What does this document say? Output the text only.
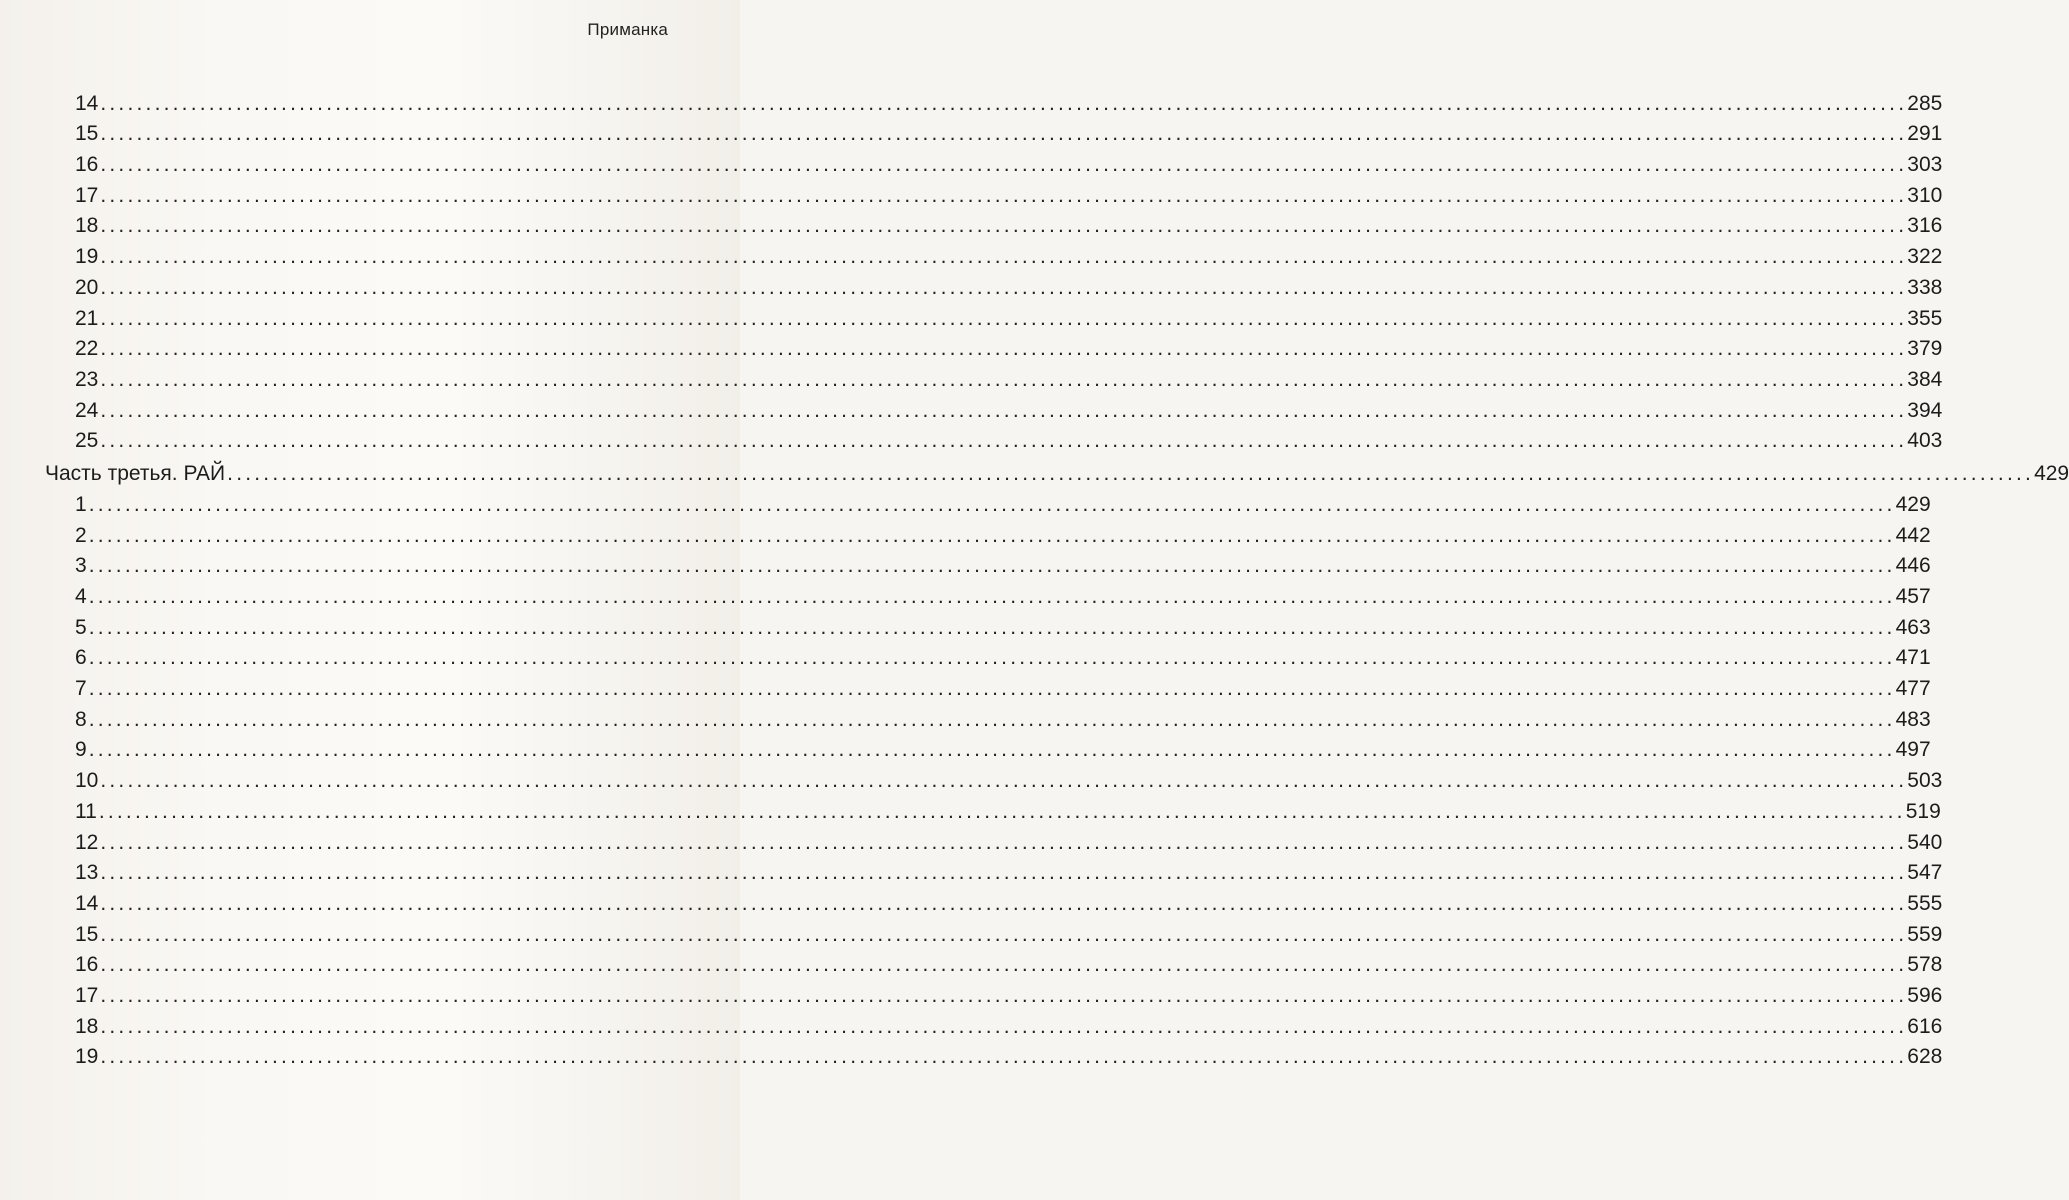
Приманка
14 ........................................................................................................................................................................................................ 285
15 ........................................................................................................................................................................................................ 291
16 ........................................................................................................................................................................................................ 303
17 ........................................................................................................................................................................................................ 310
18 ........................................................................................................................................................................................................ 316
19 ........................................................................................................................................................................................................ 322
20 ........................................................................................................................................................................................................ 338
21 ........................................................................................................................................................................................................ 355
22 ........................................................................................................................................................................................................ 379
23 ........................................................................................................................................................................................................ 384
24 ........................................................................................................................................................................................................ 394
25 ........................................................................................................................................................................................................ 403
Часть третья. РАЙ ........................................................................................................................................................................................................ 429
1 ........................................................................................................................................................................................................ 429
2 ........................................................................................................................................................................................................ 442
3 ........................................................................................................................................................................................................ 446
4 ........................................................................................................................................................................................................ 457
5 ........................................................................................................................................................................................................ 463
6 ........................................................................................................................................................................................................ 471
7 ........................................................................................................................................................................................................ 477
8 ........................................................................................................................................................................................................ 483
9 ........................................................................................................................................................................................................ 497
10 ........................................................................................................................................................................................................ 503
11 ........................................................................................................................................................................................................ 519
12 ........................................................................................................................................................................................................ 540
13 ........................................................................................................................................................................................................ 547
14 ........................................................................................................................................................................................................ 555
15 ........................................................................................................................................................................................................ 559
16 ........................................................................................................................................................................................................ 578
17 ........................................................................................................................................................................................................ 596
18 ........................................................................................................................................................................................................ 616
19 ........................................................................................................................................................................................................ 628
